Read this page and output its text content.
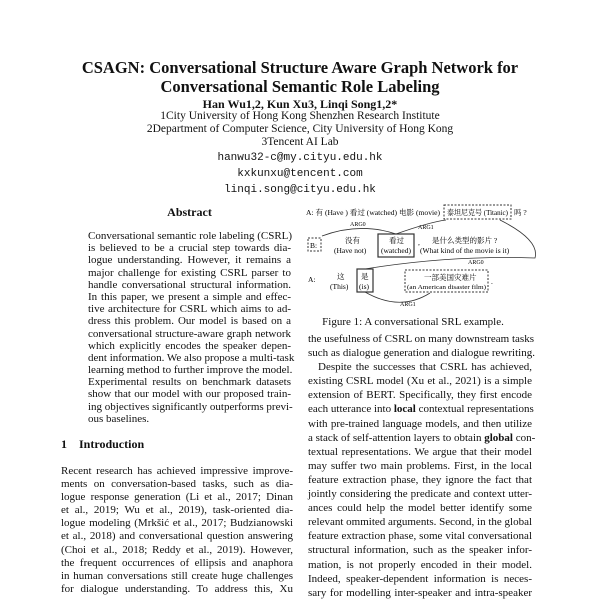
CSAGN: Conversational Structure Aware Graph Network for
Conversational Semantic Role Labeling
Han Wu1,2, Kun Xu3, Linqi Song1,2*
1City University of Hong Kong Shenzhen Research Institute
2Department of Computer Science, City University of Hong Kong
3Tencent AI Lab
hanwu32-c@my.cityu.edu.hk
kxkunxu@tencent.com
linqi.song@cityu.edu.hk
Abstract
Conversational semantic role labeling (CSRL)
is believed to be a crucial step towards dia-
logue understanding. However, it remains a
major challenge for existing CSRL parser to
handle conversational structural information.
In this paper, we present a simple and effec-
tive architecture for CSRL which aims to ad-
dress this problem. Our model is based on a
conversational structure-aware graph network
which explicitly encodes the speaker depen-
dent information. We also propose a multi-task
learning method to further improve the model.
Experimental results on benchmark datasets
show that our model with our proposed train-
ing objectives significantly outperforms previ-
ous baselines.
1 Introduction
Recent research has achieved impressive improve-
ments on conversation-based tasks, such as dia-
logue response generation (Li et al., 2017; Dinan
et al., 2019; Wu et al., 2019), task-oriented dia-
logue modeling (Mrkšić et al., 2017; Budzianowski
et al., 2018) and conversational question answering
(Choi et al., 2018; Reddy et al., 2019). However,
the frequent occurrences of ellipsis and anaphora
in human conversations still create huge challenges
for dialogue understanding. To address this, Xu
A: 有 (Have ) 看过 (watched) 电影 (movie) 泰坦尼克号 (Titanic) 吗 ?
B:
没有
(Have not)
看过
(watched)
, 是什么类型的影片 ?
(What kind of the movie is it)
A:	这
(This)
是
(is)
一部美国灾难片
(an American disaster film)
.
ARG0	ARG1
ARG0
ARG1
Figure 1: A conversational SRL example.
the usefulness of CSRL on many downstream tasks
such as dialogue generation and dialogue rewriting.
Despite the successes that CSRL has achieved,
existing CSRL model (Xu et al., 2021) is a simple
extension of BERT. Specifically, they first encode
each utterance into local contextual representations
with pre-trained language models, and then utilize
a stack of self-attention layers to obtain global con-
textual representations. We argue that their model
may suffer two main problems. First, in the local
feature extraction phase, they ignore the fact that
jointly considering the predicate and context utter-
ances could help the model better identify some
relevant ommited arguments. Second, in the global
feature extraction phase, some vital conversational
structural information, such as the speaker infor-
mation, is not properly encoded in their model.
Indeed, speaker-dependent information is neces-
sary for modelling inter-speaker and intra-speaker
